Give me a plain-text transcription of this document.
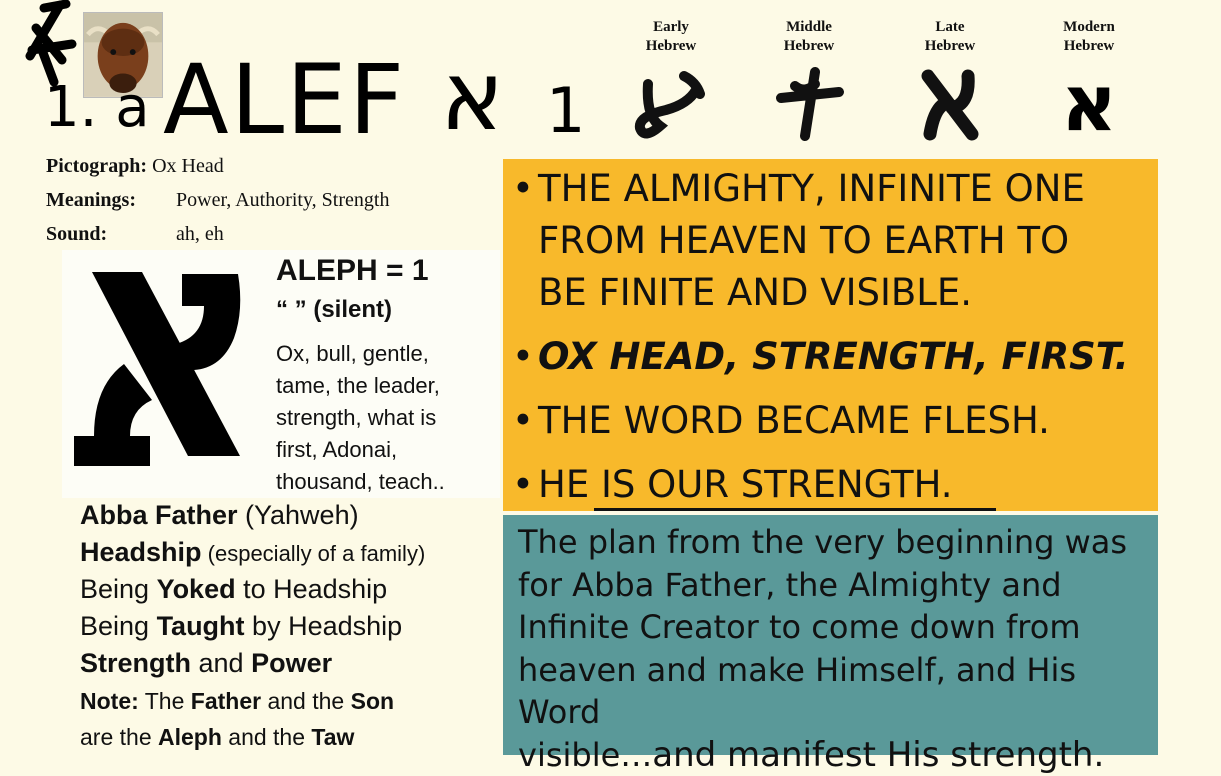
1. a ALEF א 1
Early
Hebrew
Middle
Hebrew
Late
Hebrew
Modern
Hebrew
א
Pictograph: Ox Head
Meanings: Power, Authority, Strength
Sound:	ah, eh
ALEPH = 1
“ ” (silent)
Ox, bull, gentle,
tame, the leader,
strength, what is
first, Adonai,
thousand, teach..
Abba Father (Yahweh)
Headship (especially of a family)
Being Yoked to Headship
Being Taught by Headship
Strength and Power
Note: The Father and the Son
are the Aleph and the Taw
• THE ALMIGHTY, INFINITE ONE
FROM HEAVEN TO EARTH TO
BE FINITE AND VISIBLE.
• OX HEAD, STRENGTH, FIRST.
• THE WORD BECAME FLESH.
• HE IS OUR STRENGTH.
The plan from the very beginning was
for Abba Father, the Almighty and
Infinite Creator to come down from
heaven and make Himself, and His Word
visible…and manifest His strength.
